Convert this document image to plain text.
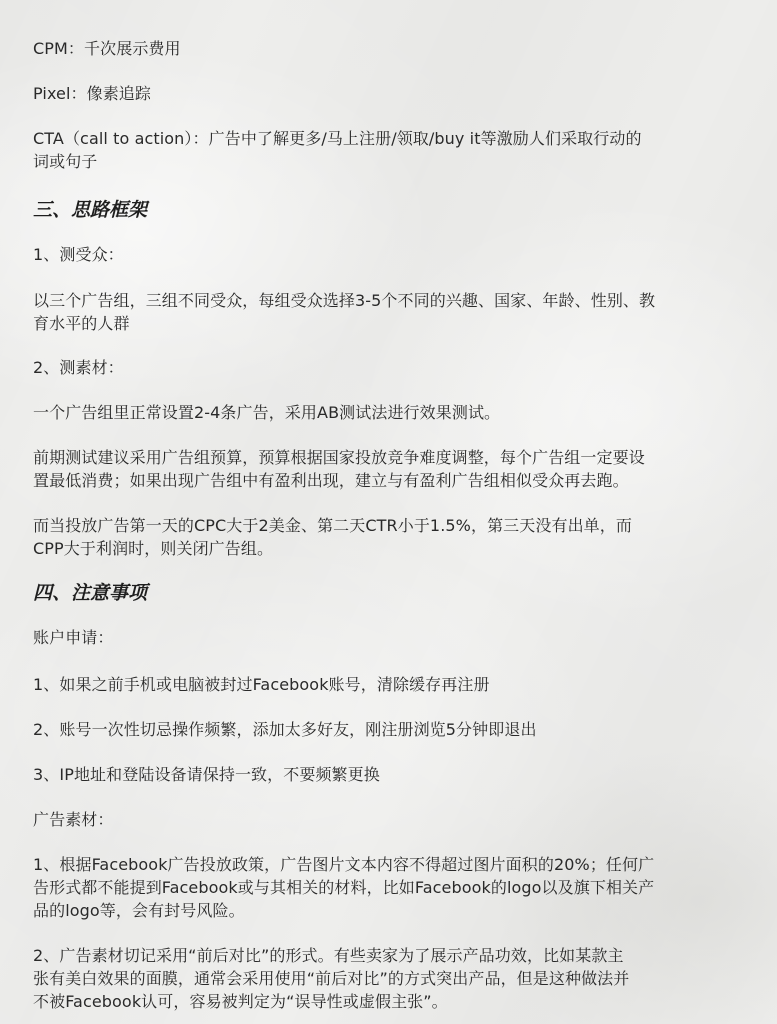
CPM：千次展示费用

Pixel：像素追踪

CTA（call to action）：广告中了解更多/马上注册/领取/buy it等激励人们采取行动的

词或句子

三、思路框架

1、测受众：

以三个广告组，三组不同受众，每组受众选择3-5个不同的兴趣、国家、年龄、性别、教

育水平的人群

2、测素材：

一个广告组里正常设置2-4条广告，采用AB测试法进行效果测试。

前期测试建议采用广告组预算，预算根据国家投放竞争难度调整，每个广告组一定要设

置最低消费；如果出现广告组中有盈利出现，建立与有盈利广告组相似受众再去跑。

而当投放广告第一天的CPC大于2美金、第二天CTR小于1.5%，第三天没有出单，而

CPP大于利润时，则关闭广告组。

四、注意事项

账户申请：

1、如果之前手机或电脑被封过Facebook账号，清除缓存再注册

2、账号一次性切忌操作频繁，添加太多好友，刚注册浏览5分钟即退出

3、IP地址和登陆设备请保持一致，不要频繁更换

广告素材：

1、根据Facebook广告投放政策，广告图片文本内容不得超过图片面积的20%；任何广

告形式都不能提到Facebook或与其相关的材料，比如Facebook的logo以及旗下相关产

品的logo等，会有封号风险。

2、广告素材切记采用“前后对比”的形式。有些卖家为了展示产品功效，比如某款主

张有美白效果的面膜，通常会采用使用“前后对比”的方式突出产品，但是这种做法并

不被Facebook认可，容易被判定为“误导性或虚假主张”。
